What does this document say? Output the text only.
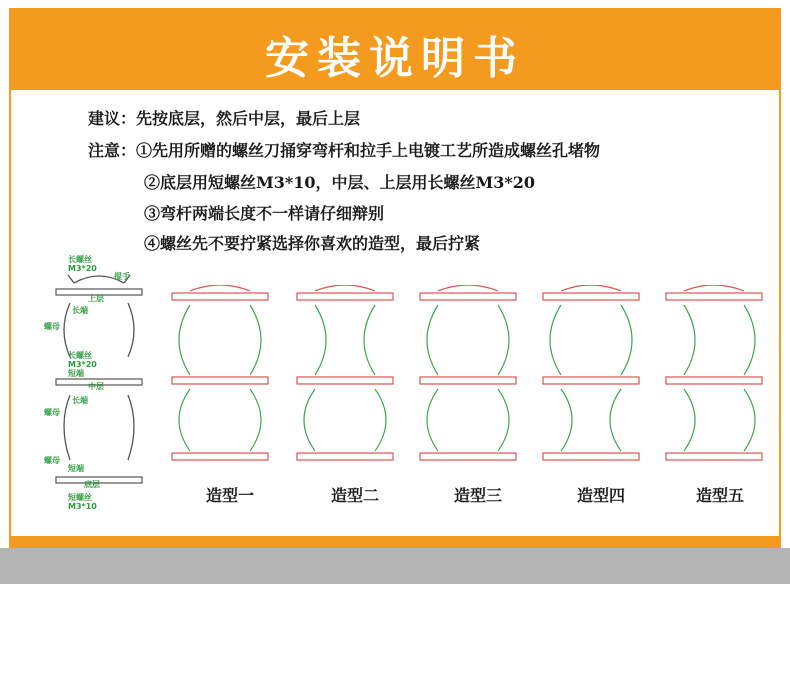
安装说明书
建议：先按底层，然后中层，最后上层
注意：①先用所赠的螺丝刀捅穿弯杆和拉手上电镀工艺所造成螺丝孔堵物
②底层用短螺丝M3*10，中层、上层用长螺丝M3*20
③弯杆两端长度不一样请仔细辩别
④螺丝先不要拧紧选择你喜欢的造型，最后拧紧
长螺丝
M3*20
提手
上层
长端
螺母
长螺丝
M3*20
短端
中层
长端
螺母
螺母
短端
底层
短螺丝
M3*10
造型一	造型二	造型三	造型四	造型五
